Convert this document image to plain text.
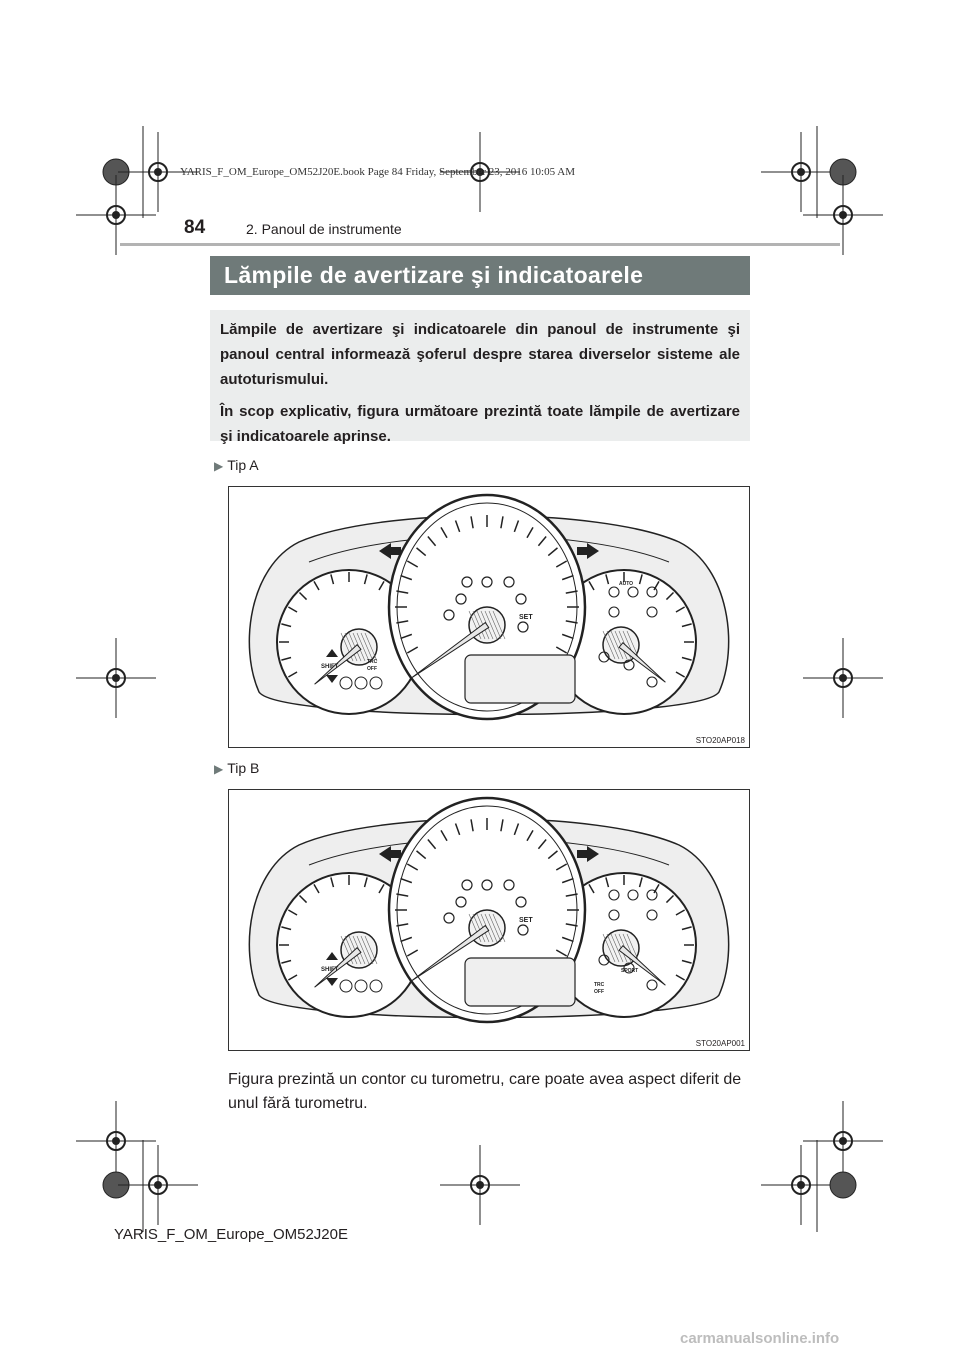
YARIS_F_OM_Europe_OM52J20E.book Page 84 Friday, September 23, 2016 10:05 AM
84	2. Panoul de instrumente
Lămpile de avertizare şi indicatoarele

Lămpile de avertizare şi indicatoarele din panoul de instrumente şi panoul central informează şoferul despre starea diverselor sisteme ale autoturismului.

În scop explicativ, figura următoare prezintă toate lămpile de avertizare şi indicatoarele aprinse.

▶ Tip A
SET
SHIFT
TRC
OFF
AUTO
STO20AP018
▶ Tip B
SET
SHIFT
TRC
OFF
SPORT
STO20AP001
Figura prezintă un contor cu turometru, care poate avea aspect diferit de unul fără turometru.
YARIS_F_OM_Europe_OM52J20E
carmanualsonline.info
